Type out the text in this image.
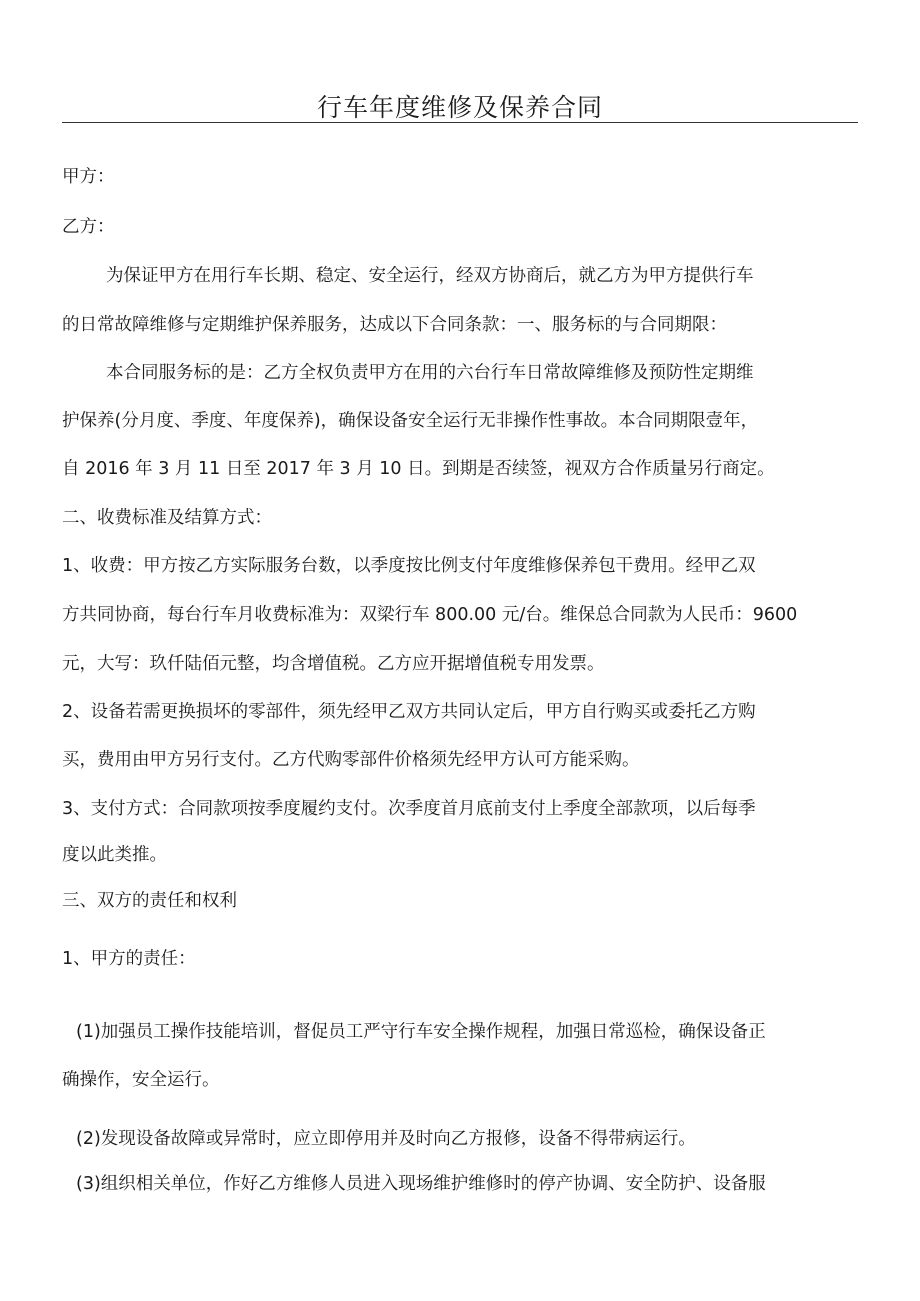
行车年度维修及保养合同

甲方：

乙方：

为保证甲方在用行车长期、稳定、安全运行，经双方协商后，就乙方为甲方提供行车

的日常故障维修与定期维护保养服务，达成以下合同条款：一、服务标的与合同期限：

本合同服务标的是：乙方全权负责甲方在用的六台行车日常故障维修及预防性定期维

护保养(分月度、季度、年度保养)，确保设备安全运行无非操作性事故。本合同期限壹年，

自 2016 年 3 月 11 日至 2017 年 3 月 10 日。到期是否续签，视双方合作质量另行商定。

二、收费标准及结算方式：

1、收费：甲方按乙方实际服务台数，以季度按比例支付年度维修保养包干费用。经甲乙双

方共同协商，每台行车月收费标准为：双梁行车 800.00 元/台。维保总合同款为人民币：9600

元，大写：玖仟陆佰元整，均含增值税。乙方应开据增值税专用发票。

2、设备若需更换损坏的零部件，须先经甲乙双方共同认定后，甲方自行购买或委托乙方购

买，费用由甲方另行支付。乙方代购零部件价格须先经甲方认可方能采购。

3、支付方式：合同款项按季度履约支付。次季度首月底前支付上季度全部款项，以后每季

度以此类推。

三、双方的责任和权利

1、甲方的责任：

(1)加强员工操作技能培训，督促员工严守行车安全操作规程，加强日常巡检，确保设备正

确操作，安全运行。

(2)发现设备故障或异常时，应立即停用并及时向乙方报修，设备不得带病运行。

(3)组织相关单位，作好乙方维修人员进入现场维护维修时的停产协调、安全防护、设备服
